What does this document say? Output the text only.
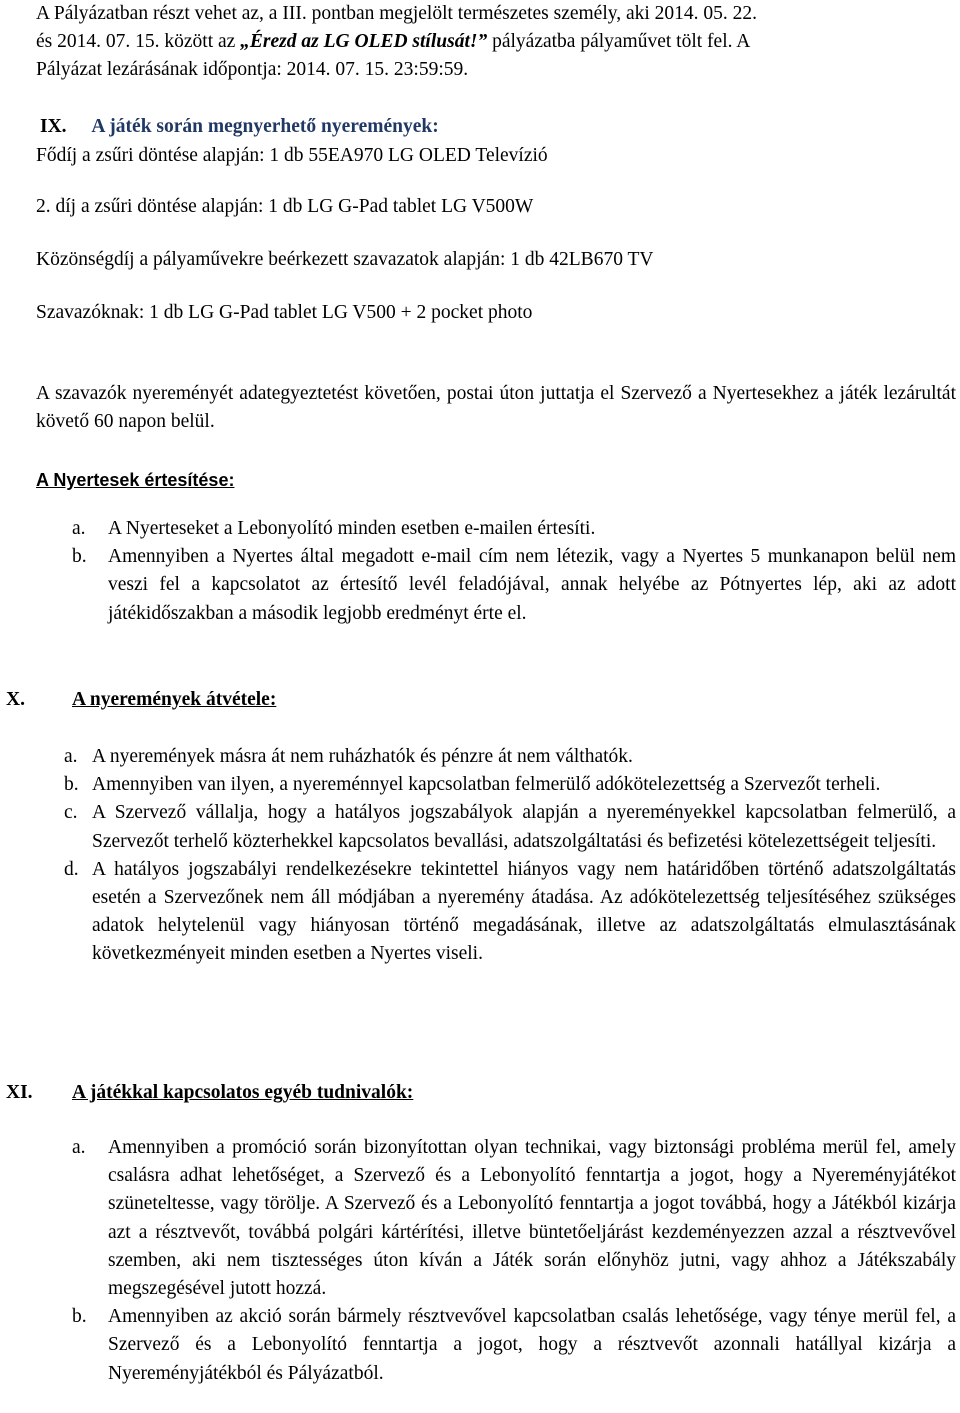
A Pályázatban részt vehet az, a III. pontban megjelölt természetes személy, aki 2014. 05. 22.

és 2014. 07. 15. között az „Érezd az LG OLED stílusát!” pályázatba pályaművet tölt fel. A

Pályázat lezárásának időpontja: 2014. 07. 15. 23:59:59.

IX. A játék során megnyerhető nyeremények:

Fődíj a zsűri döntése alapján: 1 db 55EA970 LG OLED Televízió

2. díj a zsűri döntése alapján: 1 db LG G-Pad tablet LG V500W

Közönségdíj a pályaművekre beérkezett szavazatok alapján: 1 db 42LB670 TV

Szavazóknak: 1 db LG G-Pad tablet LG V500 + 2 pocket photo

A szavazók nyereményét adategyeztetést követően, postai úton juttatja el Szervező a Nyertesekhez a játék lezárultát követő 60 napon belül.

A Nyertesek értesítése:

a. A Nyerteseket a Lebonyolító minden esetben e-mailen értesíti.
b. Amennyiben a Nyertes által megadott e-mail cím nem létezik, vagy a Nyertes 5 munkanapon belül nem veszi fel a kapcsolatot az értesítő levél feladójával, annak helyébe az Pótnyertes lép, aki az adott játékidőszakban a második legjobb eredményt érte el.
X. A nyeremények átvétele:
a. A nyeremények másra át nem ruházhatók és pénzre át nem válthatók.
b. Amennyiben van ilyen, a nyereménnyel kapcsolatban felmerülő adókötelezettség a Szervezőt terheli.
c. A Szervező vállalja, hogy a hatályos jogszabályok alapján a nyereményekkel kapcsolatban felmerülő, a Szervezőt terhelő közterhekkel kapcsolatos bevallási, adatszolgáltatási és befizetési kötelezettségeit teljesíti.
d. A hatályos jogszabályi rendelkezésekre tekintettel hiányos vagy nem határidőben történő adatszolgáltatás esetén a Szervezőnek nem áll módjában a nyeremény átadása. Az adókötelezettség teljesítéséhez szükséges adatok helytelenül vagy hiányosan történő megadásának, illetve az adatszolgáltatás elmulasztásának következményeit minden esetben a Nyertes viseli.
XI. A játékkal kapcsolatos egyéb tudnivalók:
a. Amennyiben a promóció során bizonyítottan olyan technikai, vagy biztonsági probléma merül fel, amely csalásra adhat lehetőséget, a Szervező és a Lebonyolító fenntartja a jogot, hogy a Nyereményjátékot szüneteltesse, vagy törölje. A Szervező és a Lebonyolító fenntartja a jogot továbbá, hogy a Játékból kizárja azt a résztvevőt, továbbá polgári kártérítési, illetve büntetőeljárást kezdeményezzen azzal a résztvevővel szemben, aki nem tisztességes úton kíván a Játék során előnyhöz jutni, vagy ahhoz a Játékszabály megszegésével jutott hozzá.
b. Amennyiben az akció során bármely résztvevővel kapcsolatban csalás lehetősége, vagy ténye merül fel, a Szervező és a Lebonyolító fenntartja a jogot, hogy a résztvevőt azonnali hatállyal kizárja a Nyereményjátékból és Pályázatból.
